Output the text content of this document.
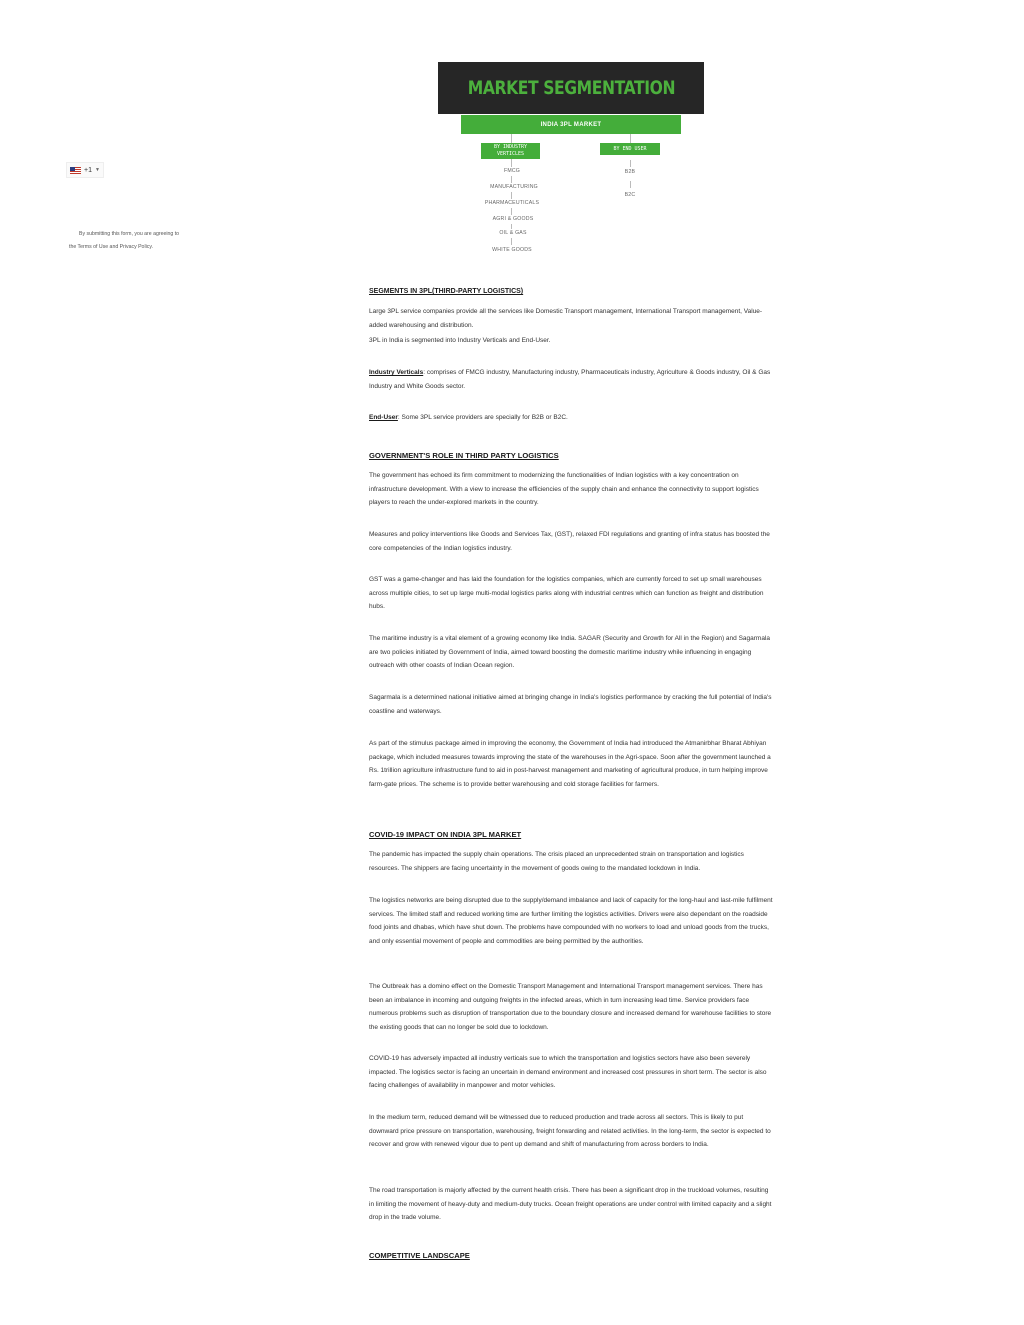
+1 ▼
By submitting this form, you are agreeing to
the Terms of Use and Privacy Policy.
MARKET SEGMENTATION
INDIA 3PL MARKET
BY INDUSTRY
VERTICLES
BY END USER
FMCG
MANUFACTURING
PHARMACEUTICALS
AGRI & GOODS
OIL & GAS
WHITE GOODS
B2B
B2C
SEGMENTS IN 3PL(THIRD-PARTY LOGISTICS)
Large 3PL service companies provide all the services like Domestic Transport management, International Transport management, Value-added warehousing and distribution.
3PL in India is segmented into Industry Verticals and End-User.
Industry Verticals: comprises of FMCG industry, Manufacturing industry, Pharmaceuticals industry, Agriculture & Goods industry, Oil & Gas Industry and White Goods sector.
End-User: Some 3PL service providers are specially for B2B or B2C.
GOVERNMENT'S ROLE IN THIRD PARTY LOGISTICS
The government has echoed its firm commitment to modernizing the functionalities of Indian logistics with a key concentration on infrastructure development. With a view to increase the efficiencies of the supply chain and enhance the connectivity to support logistics players to reach the under-explored markets in the country.
Measures and policy interventions like Goods and Services Tax, (GST), relaxed FDI regulations and granting of infra status has boosted the core competencies of the Indian logistics industry.
GST was a game-changer and has laid the foundation for the logistics companies, which are currently forced to set up small warehouses across multiple cities, to set up large multi-modal logistics parks along with industrial centres which can function as freight and distribution hubs.
The maritime industry is a vital element of a growing economy like India. SAGAR (Security and Growth for All in the Region) and Sagarmala are two policies initiated by Government of India, aimed toward boosting the domestic maritime industry while influencing in engaging outreach with other coasts of Indian Ocean region.
Sagarmala is a determined national initiative aimed at bringing change in India's logistics performance by cracking the full potential of India's coastline and waterways.
As part of the stimulus package aimed in improving the economy, the Government of India had introduced the Atmanirbhar Bharat Abhiyan package, which included measures towards improving the state of the warehouses in the Agri-space. Soon after the government launched a Rs. 1trillion agriculture infrastructure fund to aid in post-harvest management and marketing of agricultural produce, in turn helping improve farm-gate prices. The scheme is to provide better warehousing and cold storage facilities for farmers.
COVID-19 IMPACT ON INDIA 3PL MARKET
The pandemic has impacted the supply chain operations. The crisis placed an unprecedented strain on transportation and logistics resources. The shippers are facing uncertainty in the movement of goods owing to the mandated lockdown in India.
The logistics networks are being disrupted due to the supply/demand imbalance and lack of capacity for the long-haul and last-mile fulfilment services. The limited staff and reduced working time are further limiting the logistics activities. Drivers were also dependant on the roadside food joints and dhabas, which have shut down. The problems have compounded with no workers to load and unload goods from the trucks, and only essential movement of people and commodities are being permitted by the authorities.
The Outbreak has a domino effect on the Domestic Transport Management and International Transport management services. There has been an imbalance in incoming and outgoing freights in the infected areas, which in turn increasing lead time. Service providers face numerous problems such as disruption of transportation due to the boundary closure and increased demand for warehouse facilities to store the existing goods that can no longer be sold due to lockdown.
COVID-19 has adversely impacted all industry verticals sue to which the transportation and logistics sectors have also been severely impacted. The logistics sector is facing an uncertain in demand environment and increased cost pressures in short term. The sector is also facing challenges of availability in manpower and motor vehicles.
In the medium term, reduced demand will be witnessed due to reduced production and trade across all sectors. This is likely to put downward price pressure on transportation, warehousing, freight forwarding and related activities. In the long-term, the sector is expected to recover and grow with renewed vigour due to pent up demand and shift of manufacturing from across borders to India.
The road transportation is majorly affected by the current health crisis. There has been a significant drop in the truckload volumes, resulting in limiting the movement of heavy-duty and medium-duty trucks. Ocean freight operations are under control with limited capacity and a slight drop in the trade volume.
COMPETITIVE LANDSCAPE
